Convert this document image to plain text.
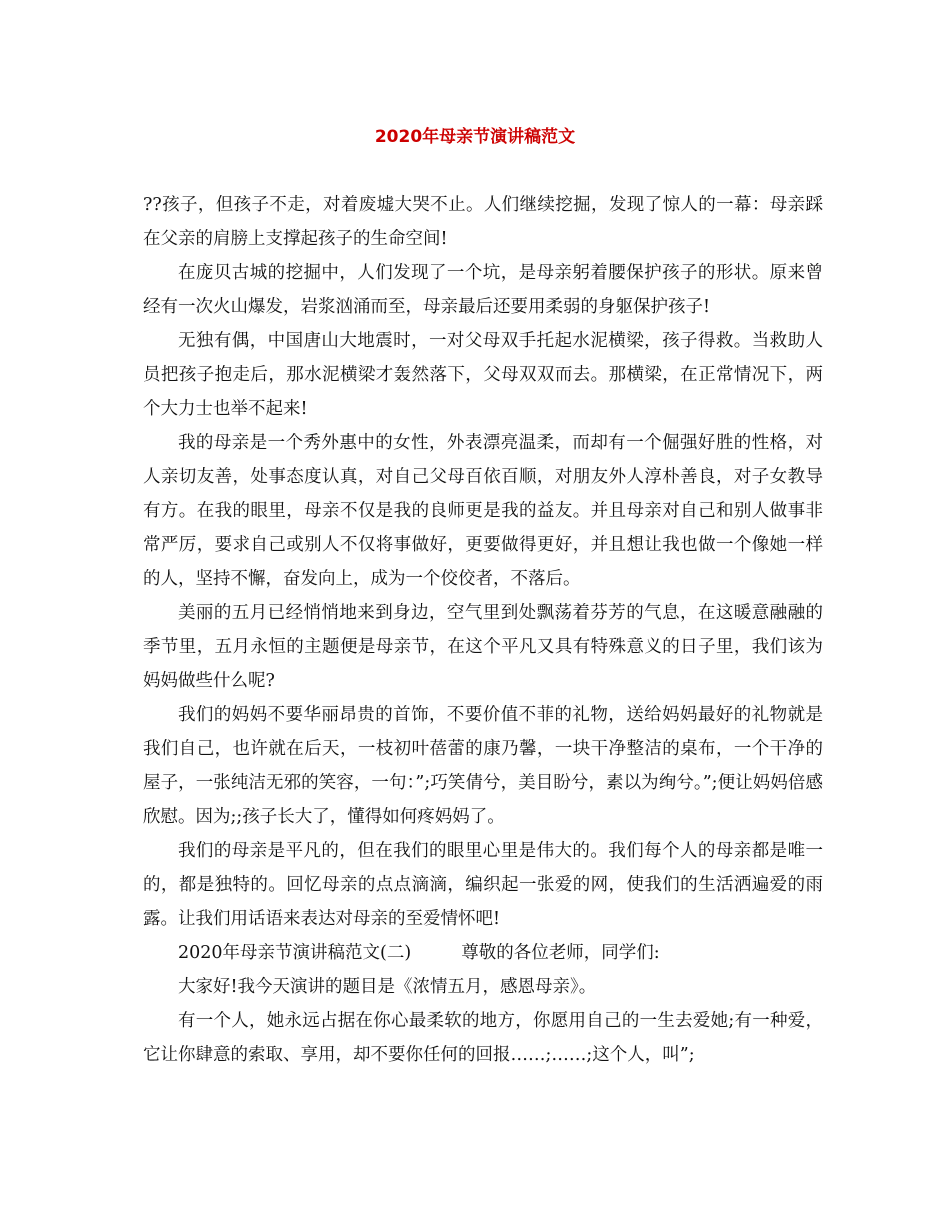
2020年母亲节演讲稿范文

??孩子，但孩子不走，对着废墟大哭不止。人们继续挖掘，发现了惊人的一幕：母亲踩在父亲的肩膀上支撑起孩子的生命空间!

在庞贝古城的挖掘中，人们发现了一个坑，是母亲躬着腰保护孩子的形状。原来曾经有一次火山爆发，岩浆汹涌而至，母亲最后还要用柔弱的身躯保护孩子!

无独有偶，中国唐山大地震时，一对父母双手托起水泥横梁，孩子得救。当救助人员把孩子抱走后，那水泥横梁才轰然落下，父母双双而去。那横梁，在正常情况下，两个大力士也举不起来!

我的母亲是一个秀外惠中的女性，外表漂亮温柔，而却有一个倔强好胜的性格，对人亲切友善，处事态度认真，对自己父母百依百顺，对朋友外人淳朴善良，对子女教导有方。在我的眼里，母亲不仅是我的良师更是我的益友。并且母亲对自己和别人做事非常严厉，要求自己或别人不仅将事做好，更要做得更好，并且想让我也做一个像她一样的人，坚持不懈，奋发向上，成为一个佼佼者，不落后。

美丽的五月已经悄悄地来到身边，空气里到处飘荡着芬芳的气息，在这暖意融融的季节里，五月永恒的主题便是母亲节，在这个平凡又具有特殊意义的日子里，我们该为妈妈做些什么呢?

我们的妈妈不要华丽昂贵的首饰，不要价值不菲的礼物，送给妈妈最好的礼物就是我们自己，也许就在后天，一枝初叶蓓蕾的康乃馨，一块干净整洁的桌布，一个干净的屋子，一张纯洁无邪的笑容，一句：”;巧笑倩兮，美目盼兮，素以为绚兮。”;便让妈妈倍感欣慰。因为;;孩子长大了，懂得如何疼妈妈了。

我们的母亲是平凡的，但在我们的眼里心里是伟大的。我们每个人的母亲都是唯一的，都是独特的。回忆母亲的点点滴滴，编织起一张爱的网，使我们的生活洒遍爱的雨露。让我们用话语来表达对母亲的至爱情怀吧!

2020年母亲节演讲稿范文(二)	尊敬的各位老师，同学们:

大家好!我今天演讲的题目是《浓情五月，感恩母亲》。

有一个人，她永远占据在你心最柔软的地方，你愿用自己的一生去爱她;有一种爱，它让你肆意的索取、享用，却不要你任何的回报……;……;这个人，叫”;
